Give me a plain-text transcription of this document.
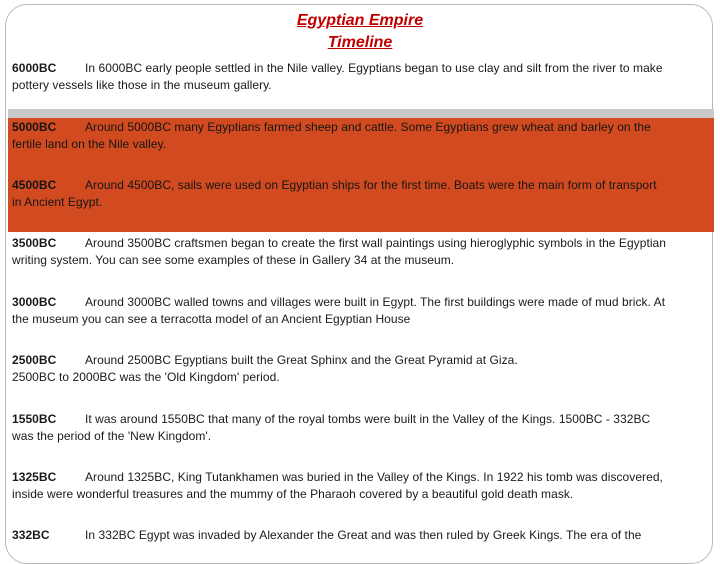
Egyptian Empire
Timeline
6000BC In 6000BC early people settled in the Nile valley. Egyptians began to use clay and silt from the river to make
pottery vessels like those in the museum gallery.
5000BC Around 5000BC many Egyptians farmed sheep and cattle. Some Egyptians grew wheat and barley on the
fertile land on the Nile valley.
4500BC Around 4500BC, sails were used on Egyptian ships for the first time. Boats were the main form of transport
in Ancient Egypt.
3500BC Around 3500BC craftsmen began to create the first wall paintings using hieroglyphic symbols in the Egyptian
writing system. You can see some examples of these in Gallery 34 at the museum.
3000BC Around 3000BC walled towns and villages were built in Egypt. The first buildings were made of mud brick. At
the museum you can see a terracotta model of an Ancient Egyptian House
2500BC Around 2500BC Egyptians built the Great Sphinx and the Great Pyramid at Giza.
2500BC to 2000BC was the 'Old Kingdom' period.
1550BC It was around 1550BC that many of the royal tombs were built in the Valley of the Kings. 1500BC - 332BC
was the period of the 'New Kingdom'.
1325BC Around 1325BC, King Tutankhamen was buried in the Valley of the Kings. In 1922 his tomb was discovered,
inside were wonderful treasures and the mummy of the Pharaoh covered by a beautiful gold death mask.
332BC	In 332BC Egypt was invaded by Alexander the Great and was then ruled by Greek Kings. The era of the
